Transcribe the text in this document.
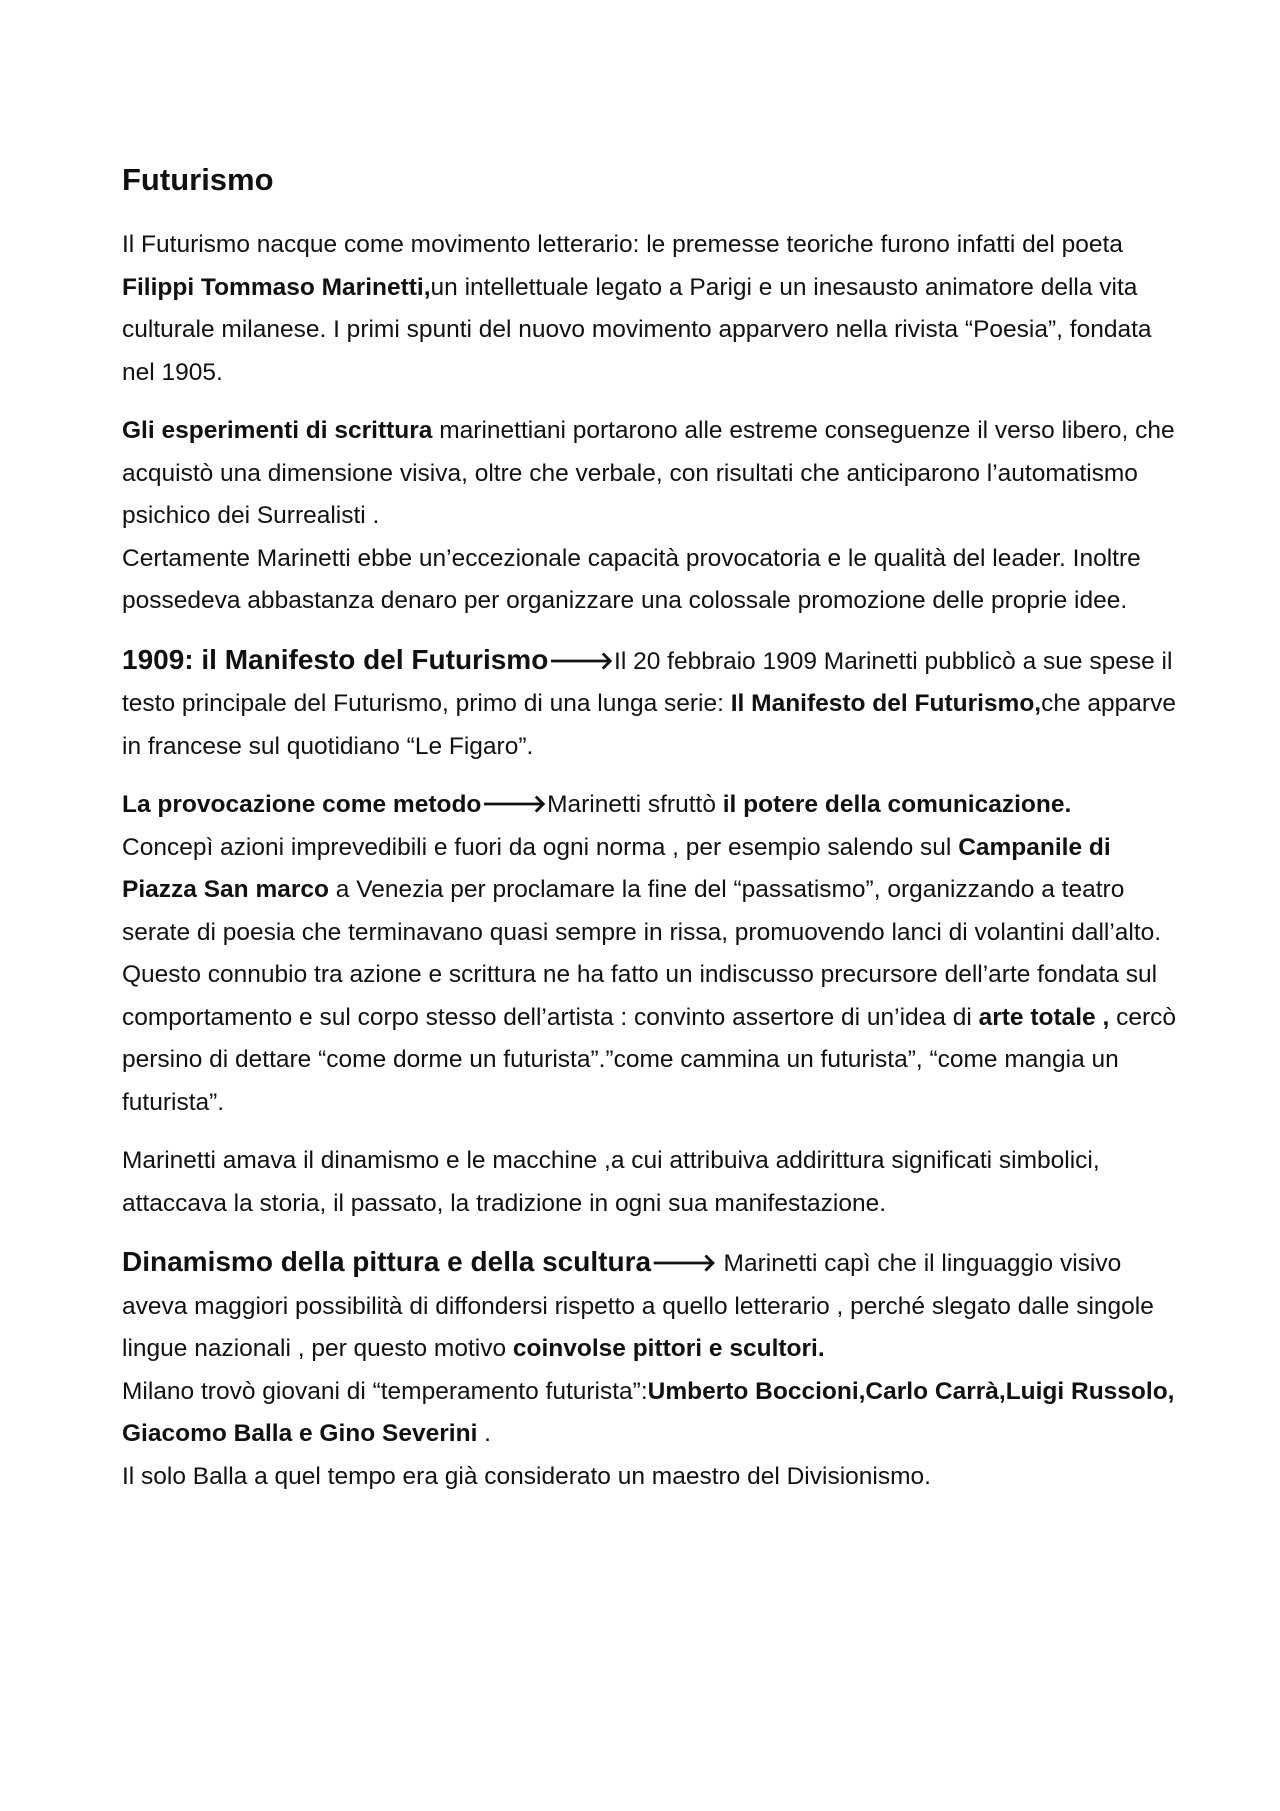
Futurismo

Il Futurismo nacque come movimento letterario: le premesse teoriche furono infatti del poeta Filippi Tommaso Marinetti,un intellettuale legato a Parigi e un inesausto animatore della vita culturale milanese. I primi spunti del nuovo movimento apparvero nella rivista “Poesia”, fondata nel 1905.

Gli esperimenti di scrittura marinettiani portarono alle estreme conseguenze il verso libero, che acquistò una dimensione visiva, oltre che verbale, con risultati che anticiparono l’automatismo psichico dei Surrealisti .
Certamente Marinetti ebbe un’eccezionale capacità provocatoria e le qualità del leader. Inoltre possedeva abbastanza denaro per organizzare una colossale promozione delle proprie idee.

1909: il Manifesto del Futurismo🡒Il 20 febbraio 1909 Marinetti pubblicò a sue spese il testo principale del Futurismo, primo di una lunga serie: Il Manifesto del Futurismo,che apparve in francese sul quotidiano “Le Figaro”.

La provocazione come metodo🡒Marinetti sfruttò il potere della comunicazione.
Concepì azioni imprevedibili e fuori da ogni norma , per esempio salendo sul Campanile di Piazza San marco a Venezia per proclamare la fine del “passatismo”, organizzando a teatro serate di poesia che terminavano quasi sempre in rissa, promuovendo lanci di volantini dall’alto.
Questo connubio tra azione e scrittura ne ha fatto un indiscusso precursore dell’arte fondata sul comportamento e sul corpo stesso dell’artista : convinto assertore di un’idea di arte totale , cercò persino di dettare “come dorme un futurista”.”come cammina un futurista”, “come mangia un futurista”.

Marinetti amava il dinamismo e le macchine ,a cui attribuiva addirittura significati simbolici, attaccava la storia, il passato, la tradizione in ogni sua manifestazione.

Dinamismo della pittura e della scultura🡒 Marinetti capì che il linguaggio visivo aveva maggiori possibilità di diffondersi rispetto a quello letterario , perché slegato dalle singole lingue nazionali , per questo motivo coinvolse pittori e scultori.
Milano trovò giovani di “temperamento futurista”:Umberto Boccioni,Carlo Carrà,Luigi Russolo, Giacomo Balla e Gino Severini .
Il solo Balla a quel tempo era già considerato un maestro del Divisionismo.
